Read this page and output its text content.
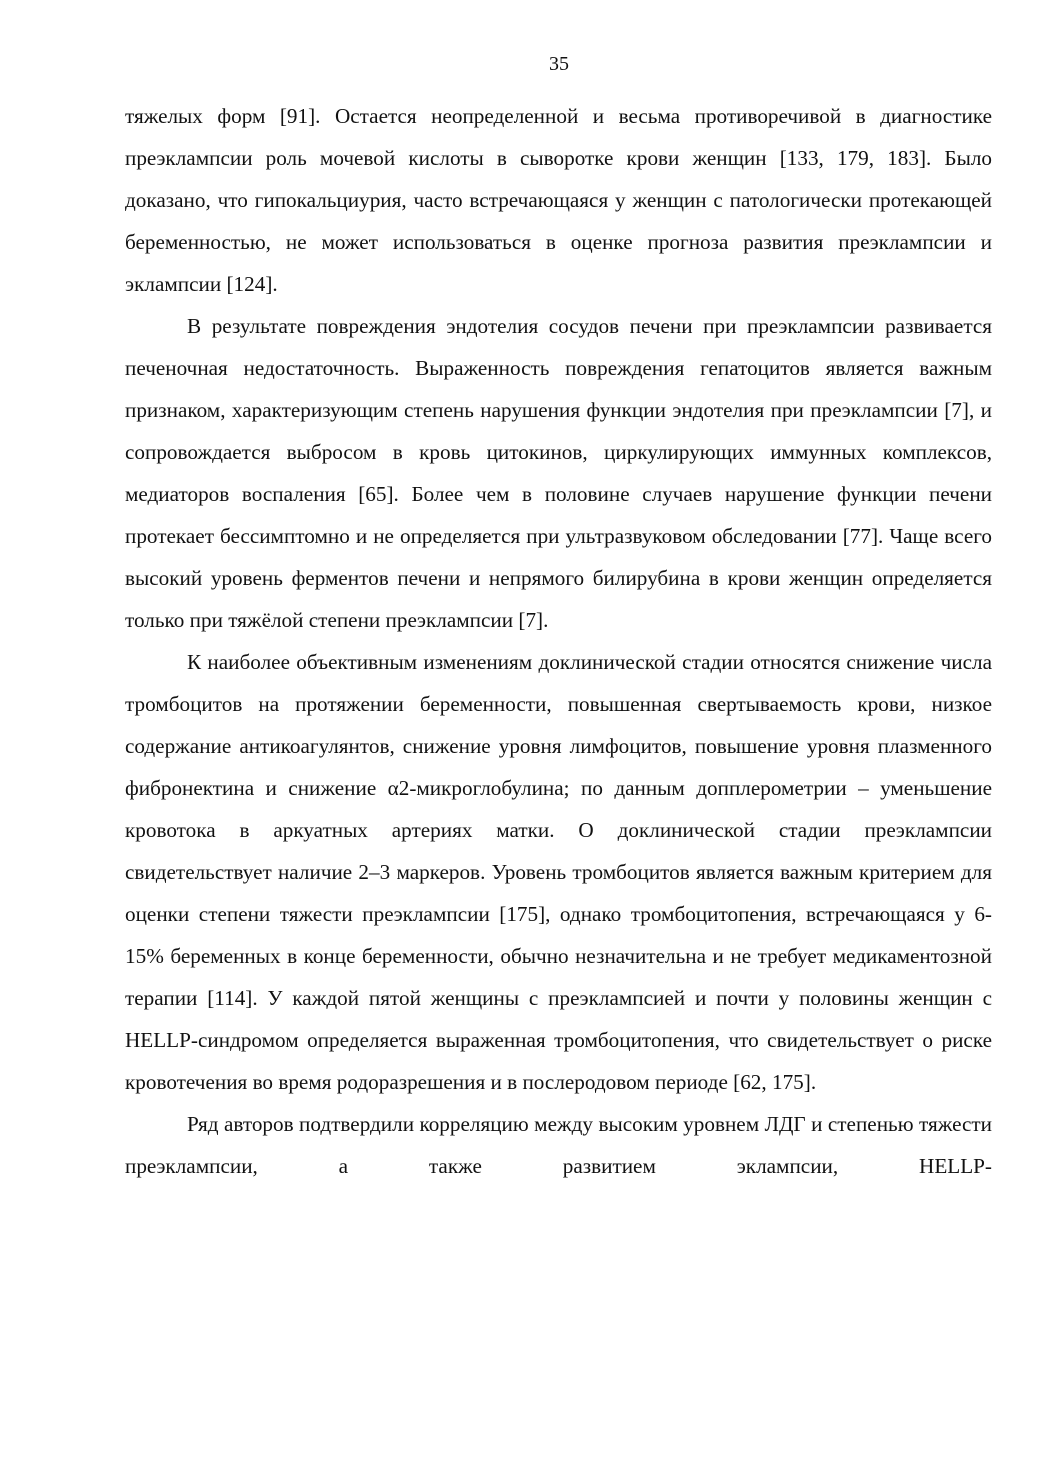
35

тяжелых форм [91]. Остается неопределенной и весьма противоречивой в диагностике преэклампсии роль мочевой кислоты в сыворотке крови женщин [133, 179, 183]. Было доказано, что гипокальциурия, часто встречающаяся у женщин с патологически протекающей беременностью, не может использоваться в оценке прогноза развития преэклампсии и эклампсии [124].

В результате повреждения эндотелия сосудов печени при преэклампсии развивается печеночная недостаточность. Выраженность повреждения гепатоцитов является важным признаком, характеризующим степень нарушения функции эндотелия при преэклампсии [7], и сопровождается выбросом в кровь цитокинов, циркулирующих иммунных комплексов, медиаторов воспаления [65]. Более чем в половине случаев нарушение функции печени протекает бессимптомно и не определяется при ультразвуковом обследовании [77]. Чаще всего высокий уровень ферментов печени и непрямого билирубина в крови женщин определяется только при тяжёлой степени преэклампсии [7].

К наиболее объективным изменениям доклинической стадии относятся снижение числа тромбоцитов на протяжении беременности, повышенная свертываемость крови, низкое содержание антикоагулянтов, снижение уровня лимфоцитов, повышение уровня плазменного фибронектина и снижение α2-микроглобулина; по данным допплерометрии – уменьшение кровотока в аркуатных артериях матки. О доклинической стадии преэклампсии свидетельствует наличие 2–3 маркеров. Уровень тромбоцитов является важным критерием для оценки степени тяжести преэклампсии [175], однако тромбоцитопения, встречающаяся у 6-15% беременных в конце беременности, обычно незначительна и не требует медикаментозной терапии [114]. У каждой пятой женщины с преэклампсией и почти у половины женщин с HELLP-синдромом определяется выраженная тромбоцитопения, что свидетельствует о риске кровотечения во время родоразрешения и в послеродовом периоде [62, 175].

Ряд авторов подтвердили корреляцию между высоким уровнем ЛДГ и степенью тяжести преэклампсии, а также развитием эклампсии, HELLP-
